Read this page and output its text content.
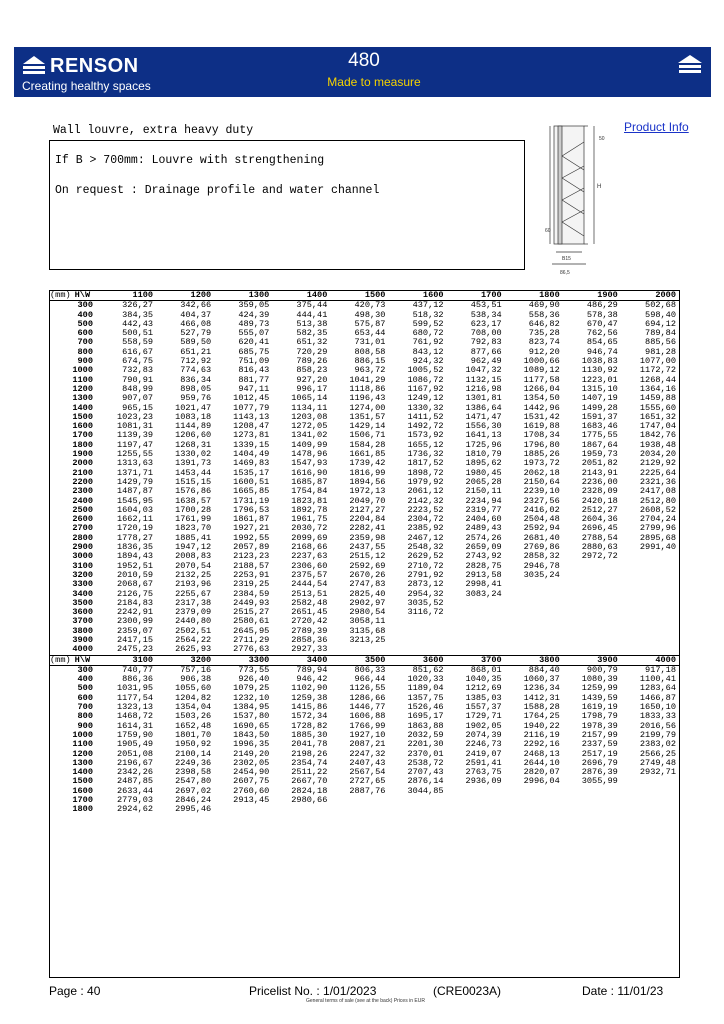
RENSON
Creating healthy spaces
480
Made to measure
Product Info
Wall louvre, extra heavy duty
If B > 700mm: Louvre with strengthening
On request : Drainage profile and water channel
50
H
60
B15
86,5
(mm) H\W	1100	1200	1300	1400	1500	1600	1700	1800	1900	2000
300	326,27	342,66	359,05	375,44	420,73	437,12	453,51	469,90	486,29	502,68
400	384,35	404,37	424,39	444,41	498,30	518,32	538,34	558,36	578,38	598,40
500	442,43	466,08	489,73	513,38	575,87	599,52	623,17	646,82	670,47	694,12
600	500,51	527,79	555,07	582,35	653,44	680,72	708,00	735,28	762,56	789,84
700	558,59	589,50	620,41	651,32	731,01	761,92	792,83	823,74	854,65	885,56
800	616,67	651,21	685,75	720,29	808,58	843,12	877,66	912,20	946,74	981,28
900	674,75	712,92	751,09	789,26	886,15	924,32	962,49	1000,66	1038,83	1077,00
1000	732,83	774,63	816,43	858,23	963,72	1005,52	1047,32	1089,12	1130,92	1172,72
1100	790,91	836,34	881,77	927,20	1041,29	1086,72	1132,15	1177,58	1223,01	1268,44
1200	848,99	898,05	947,11	996,17	1118,86	1167,92	1216,98	1266,04	1315,10	1364,16
1300	907,07	959,76	1012,45	1065,14	1196,43	1249,12	1301,81	1354,50	1407,19	1459,88
1400	965,15	1021,47	1077,79	1134,11	1274,00	1330,32	1386,64	1442,96	1499,28	1555,60
1500	1023,23	1083,18	1143,13	1203,08	1351,57	1411,52	1471,47	1531,42	1591,37	1651,32
1600	1081,31	1144,89	1208,47	1272,05	1429,14	1492,72	1556,30	1619,88	1683,46	1747,04
1700	1139,39	1206,60	1273,81	1341,02	1506,71	1573,92	1641,13	1708,34	1775,55	1842,76
1800	1197,47	1268,31	1339,15	1409,99	1584,28	1655,12	1725,96	1796,80	1867,64	1938,48
1900	1255,55	1330,02	1404,49	1478,96	1661,85	1736,32	1810,79	1885,26	1959,73	2034,20
2000	1313,63	1391,73	1469,83	1547,93	1739,42	1817,52	1895,62	1973,72	2051,82	2129,92
2100	1371,71	1453,44	1535,17	1616,90	1816,99	1898,72	1980,45	2062,18	2143,91	2225,64
2200	1429,79	1515,15	1600,51	1685,87	1894,56	1979,92	2065,28	2150,64	2236,00	2321,36
2300	1487,87	1576,86	1665,85	1754,84	1972,13	2061,12	2150,11	2239,10	2328,09	2417,08
2400	1545,95	1638,57	1731,19	1823,81	2049,70	2142,32	2234,94	2327,56	2420,18	2512,80
2500	1604,03	1700,28	1796,53	1892,78	2127,27	2223,52	2319,77	2416,02	2512,27	2608,52
2600	1662,11	1761,99	1861,87	1961,75	2204,84	2304,72	2404,60	2504,48	2604,36	2704,24
2700	1720,19	1823,70	1927,21	2030,72	2282,41	2385,92	2489,43	2592,94	2696,45	2799,96
2800	1778,27	1885,41	1992,55	2099,69	2359,98	2467,12	2574,26	2681,40	2788,54	2895,68
2900	1836,35	1947,12	2057,89	2168,66	2437,55	2548,32	2659,09	2769,86	2880,63	2991,40
3000	1894,43	2008,83	2123,23	2237,63	2515,12	2629,52	2743,92	2858,32	2972,72	
3100	1952,51	2070,54	2188,57	2306,60	2592,69	2710,72	2828,75	2946,78		
3200	2010,59	2132,25	2253,91	2375,57	2670,26	2791,92	2913,58	3035,24		
3300	2068,67	2193,96	2319,25	2444,54	2747,83	2873,12	2998,41			
3400	2126,75	2255,67	2384,59	2513,51	2825,40	2954,32	3083,24			
3500	2184,83	2317,38	2449,93	2582,48	2902,97	3035,52				
3600	2242,91	2379,09	2515,27	2651,45	2980,54	3116,72				
3700	2300,99	2440,80	2580,61	2720,42	3058,11					
3800	2359,07	2502,51	2645,95	2789,39	3135,68					
3900	2417,15	2564,22	2711,29	2858,36	3213,25					
4000	2475,23	2625,93	2776,63	2927,33						
(mm) H\W	3100	3200	3300	3400	3500	3600	3700	3800	3900	4000
300	740,77	757,16	773,55	789,94	806,33	851,62	868,01	884,40	900,79	917,18
400	886,36	906,38	926,40	946,42	966,44	1020,33	1040,35	1060,37	1080,39	1100,41
500	1031,95	1055,60	1079,25	1102,90	1126,55	1189,04	1212,69	1236,34	1259,99	1283,64
600	1177,54	1204,82	1232,10	1259,38	1286,66	1357,75	1385,03	1412,31	1439,59	1466,87
700	1323,13	1354,04	1384,95	1415,86	1446,77	1526,46	1557,37	1588,28	1619,19	1650,10
800	1468,72	1503,26	1537,80	1572,34	1606,88	1695,17	1729,71	1764,25	1798,79	1833,33
900	1614,31	1652,48	1690,65	1728,82	1766,99	1863,88	1902,05	1940,22	1978,39	2016,56
1000	1759,90	1801,70	1843,50	1885,30	1927,10	2032,59	2074,39	2116,19	2157,99	2199,79
1100	1905,49	1950,92	1996,35	2041,78	2087,21	2201,30	2246,73	2292,16	2337,59	2383,02
1200	2051,08	2100,14	2149,20	2198,26	2247,32	2370,01	2419,07	2468,13	2517,19	2566,25
1300	2196,67	2249,36	2302,05	2354,74	2407,43	2538,72	2591,41	2644,10	2696,79	2749,48
1400	2342,26	2398,58	2454,90	2511,22	2567,54	2707,43	2763,75	2820,07	2876,39	2932,71
1500	2487,85	2547,80	2607,75	2667,70	2727,65	2876,14	2936,09	2996,04	3055,99	
1600	2633,44	2697,02	2760,60	2824,18	2887,76	3044,85				
1700	2779,03	2846,24	2913,45	2980,66						
1800	2924,62	2995,46								
Page : 40	Pricelist No. : 1/01/2023	(CRE0023A)	Date : 11/01/23
General terms of sale (see at the back) Prices in EUR
